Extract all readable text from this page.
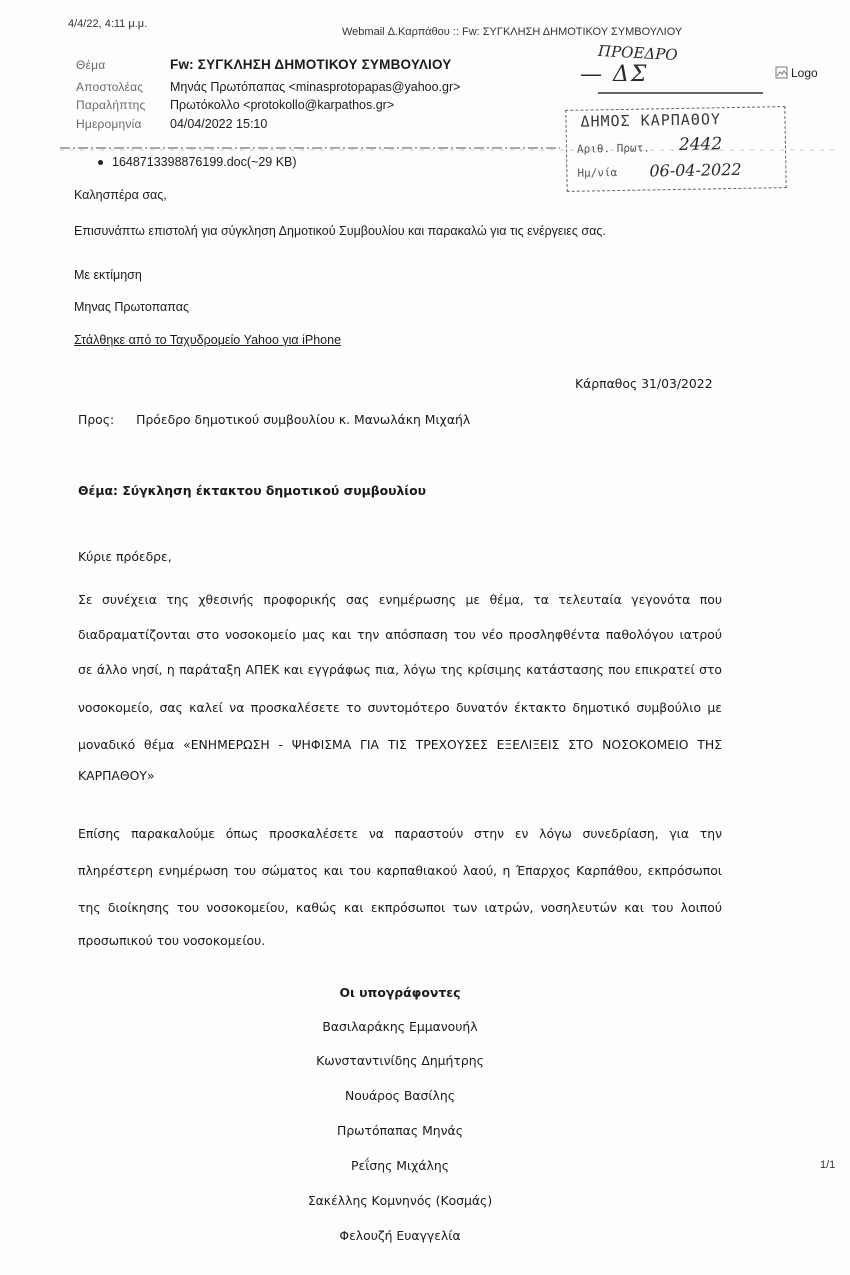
4/4/22, 4:11 μ.μ.
Webmail Δ.Καρπάθου :: Fw: ΣΥΓΚΛΗΣΗ ΔΗΜΟΤΙΚΟΥ ΣΥΜΒΟΥΛΙΟΥ
Θέμα	Fw: ΣΥΓΚΛΗΣΗ ΔΗΜΟΤΙΚΟΥ ΣΥΜΒΟΥΛΙΟΥ
Αποστολέας Μηνάς Πρωτόπαπας <minasprotopapas@yahoo.gr>
Παραλήπτης Πρωτόκολλο <protokollo@karpathos.gr>
Ημερομηνία 04/04/2022 15:10
1648713398876199.doc(~29 KB)
Logo
ΠΡΟΕΔΡΟ
— ΔΣ
ΔΗΜΟΣ ΚΑΡΠΑΘΟΥ
Αριθ. Πρωτ. 2442
Ημ/νία 06-04-2022
Καλησπέρα σας,
Επισυνάπτω επιστολή για σύγκληση Δημοτικού Συμβουλίου και παρακαλώ για τις ενέργειες σας.
Με εκτίμηση
Μηνας Πρωτοπαπας
Στάλθηκε από το Ταχυδρομείο Yahoo για iPhone
Κάρπαθος 31/03/2022
Προς: Πρόεδρο δημοτικού συμβουλίου κ. Μανωλάκη Μιχαήλ
Θέμα: Σύγκληση έκτακτου δημοτικού συμβουλίου
Κύριε πρόεδρε,
Σε συνέχεια της χθεσινής προφορικής σας ενημέρωσης με θέμα, τα τελευταία γεγονότα που
διαδραματίζονται στο νοσοκομείο μας και την απόσπαση του νέο προσληφθέντα παθολόγου ιατρού
σε άλλο νησί, η παράταξη ΑΠΕΚ και εγγράφως πια, λόγω της κρίσιμης κατάστασης που επικρατεί στο
νοσοκομείο, σας καλεί να προσκαλέσετε το συντομότερο δυνατόν έκτακτο δημοτικό συμβούλιο με
μοναδικό θέμα «ΕΝΗΜΕΡΩΣΗ - ΨΗΦΙΣΜΑ ΓΙΑ ΤΙΣ ΤΡΕΧΟΥΣΕΣ ΕΞΕΛΙΞΕΙΣ ΣΤΟ ΝΟΣΟΚΟΜΕΙΟ ΤΗΣ
ΚΑΡΠΑΘΟΥ»
Επίσης παρακαλούμε όπως προσκαλέσετε να παραστούν στην εν λόγω συνεδρίαση, για την
πληρέστερη ενημέρωση του σώματος και του καρπαθιακού λαού, η Έπαρχος Καρπάθου, εκπρόσωποι
της διοίκησης του νοσοκομείου, καθώς και εκπρόσωποι των ιατρών, νοσηλευτών και του λοιπού
προσωπικού του νοσοκομείου.
Οι υπογράφοντες
Βασιλαράκης Εμμανουήλ
Κωνσταντινίδης Δημήτρης
Νουάρος Βασίλης
Πρωτόπαπας Μηνάς
Ρεΐσης Μιχάλης
Σακέλλης Κομνηνός (Κοσμάς)
Φελουζή Ευαγγελία
1/1
